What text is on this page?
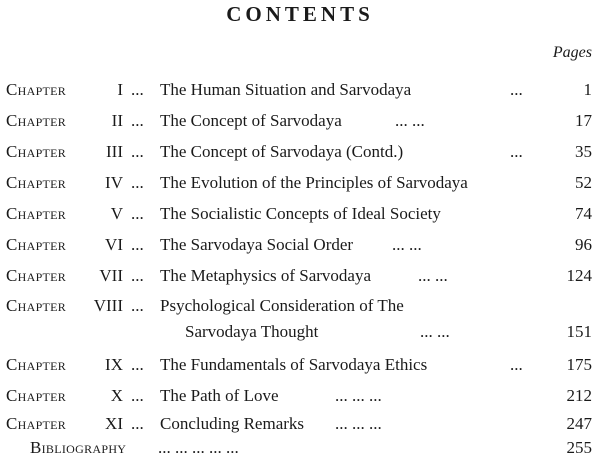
CONTENTS
Pages
Chapter	I ... The Human Situation and Sarvodaya	...	1
Chapter	II ... The Concept of Sarvodaya	... ...	17
Chapter	III ... The Concept of Sarvodaya (Contd.)	...	35
Chapter	IV ... The Evolution of the Principles of Sarvodaya	52
Chapter	V ... The Socialistic Concepts of Ideal Society	74
Chapter	VI ... The Sarvodaya Social Order ... ...	96
Chapter	VII ... The Metaphysics of Sarvodaya	... ...	124
Chapter	VIII ... Psychological Consideration of The
Sarvodaya Thought	... ...	151
Chapter	IX ... The Fundamentals of Sarvodaya Ethics	...	175
Chapter	X ... The Path of Love	... ... ...	212
Chapter	XI ... Concluding Remarks ... ... ...	247
Bibliography ... ... ... ... ...	255
